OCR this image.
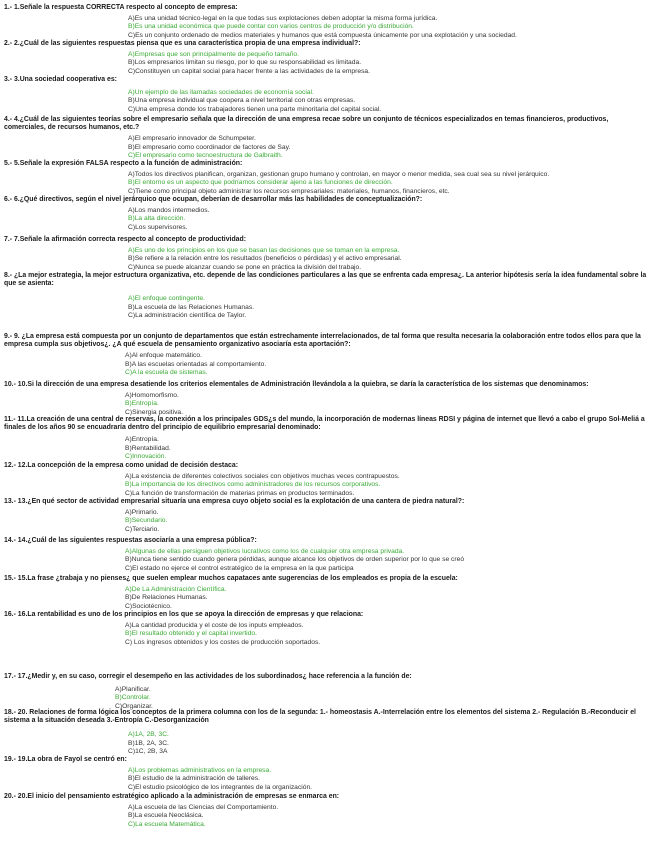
1.- 1.Señale la respuesta CORRECTA respecto al concepto de empresa:
A)Es una unidad técnico-legal en la que todas sus explotaciones deben adoptar la misma forma jurídica.
B)Es una unidad económica que puede contar con varios centros de producción y/o distribución.
C)Es un conjunto ordenado de medios materiales y humanos que está compuesta únicamente por una explotación y una sociedad.
2.- 2.¿Cuál de las siguientes respuestas piensa que es una característica propia de una empresa individual?:
A)Empresas que son principalmente de pequeño tamaño.
B)Los empresarios limitan su riesgo, por lo que su responsabilidad es limitada.
C)Constituyen un capital social para hacer frente a las actividades de la empresa.
3.- 3.Una sociedad cooperativa es:
A)Un ejemplo de las llamadas sociedades de economía social.
B)Una empresa individual que coopera a nivel territorial con otras empresas.
C)Una empresa donde los trabajadores tienen una parte minoritaria del capital social.
4.- 4.¿Cuál de las siguientes teorías sobre el empresario señala que la dirección de una empresa recae sobre un conjunto de técnicos especializados en temas financieros, productivos, comerciales, de recursos humanos, etc.?
A)El empresario innovador de Schumpeter.
B)El empresario como coordinador de factores de Say.
C)El empresario como tecnoestructura de Galbraith.
5.- 5.Señale la expresión FALSA respecto a la función de administración:
A)Todos los directivos planifican, organizan, gestionan grupo humano y controlan, en mayor o menor medida, sea cual sea su nivel jerárquico.
B)El entorno es un aspecto que podríamos considerar ajeno a las funciones de dirección.
C)Tiene como principal objeto administrar los recursos empresariales: materiales, humanos, financieros, etc.
6.- 6.¿Qué directivos, según el nivel jerárquico que ocupan, deberían de desarrollar más las habilidades de conceptualización?:
A)Los mandos intermedios.
B)La alta dirección.
C)Los supervisores.
7.- 7.Señale la afirmación correcta respecto al concepto de productividad:
A)Es uno de los principios en los que se basan las decisiones que se toman en la empresa.
B)Se refiere a la relación entre los resultados (beneficios o pérdidas) y el activo empresarial.
C)Nunca se puede alcanzar cuando se pone en práctica la división del trabajo.
8.- ¿La mejor estrategia, la mejor estructura organizativa, etc. depende de las condiciones particulares a las que se enfrenta cada empresa¿. La anterior hipótesis sería la idea fundamental sobre la que se asienta:
A)El enfoque contingente.
B)La escuela de las Relaciones Humanas.
C)La administración científica de Taylor.
9.- 9. ¿La empresa está compuesta por un conjunto de departamentos que están estrechamente interrelacionados, de tal forma que resulta necesaria la colaboración entre todos ellos para que la empresa cumpla sus objetivos¿. ¿A qué escuela de pensamiento organizativo asociaría esta aportación?:
A)Al enfoque matemático.
B)A las escuelas orientadas al comportamiento.
C)A la escuela de sistemas.
10.- 10.Si la dirección de una empresa desatiende los criterios elementales de Administración llevándola a la quiebra, se daría la característica de los sistemas que denominamos:
A)Homomorfismo.
B)Entropía.
C)Sinergia positiva.
11.- 11.La creación de una central de reservas, la conexión a los principales GDS¿s del mundo, la incorporación de modernas líneas RDSI y página de internet que llevó a cabo el grupo Sol-Meliá a finales de los años 90 se encuadraría dentro del principio de equilibrio empresarial denominado:
A)Entropía.
B)Rentabilidad.
C)Innovación.
12.- 12.La concepción de la empresa como unidad de decisión destaca:
A)La existencia de diferentes colectivos sociales con objetivos muchas veces contrapuestos.
B)La importancia de los directivos como administradores de los recursos corporativos.
C)La función de transformación de materias primas en productos terminados.
13.- 13.¿En qué sector de actividad empresarial situaría una empresa cuyo objeto social es la explotación de una cantera de piedra natural?:
A)Primario.
B)Secundario.
C)Terciario.
14.- 14.¿Cuál de las siguientes respuestas asociaría a una empresa pública?:
A)Algunas de ellas persiguen objetivos lucrativos como los de cualquier otra empresa privada.
B)Nunca tiene sentido cuando genera pérdidas, aunque alcance los objetivos de orden superior por lo que se creó
C)El estado no ejerce el control estratégico de la empresa en la que participa
15.- 15.La frase ¿trabaja y no pienses¿ que suelen emplear muchos capataces ante sugerencias de los empleados es propia de la escuela:
A)De La Administración Científica.
B)De Relaciones Humanas.
C)Sociotécnico.
16.- 16.La rentabilidad es uno de los principios en los que se apoya la dirección de empresas y que relaciona:
A)La cantidad producida y el coste de los inputs empleados.
B)El resultado obtenido y el capital invertido.
C) Los ingresos obtenidos y los costes de producción soportados.
17.- 17.¿Medir y, en su caso, corregir el desempeño en las actividades de los subordinados¿ hace referencia a la función de:
A)Planificar.
B)Controlar.
C)Organizar.
18.- 20. Relaciones de forma lógica los conceptos de la primera columna con los de la segunda: 1.- homeostasis A.-Interrelación entre los elementos del sistema 2.- Regulación B.-Reconducir el sistema a la situación deseada 3.-Entropía C.-Desorganización
A)1A, 2B, 3C.
B)1B, 2A, 3C.
C)1C, 2B, 3A
19.- 19.La obra de Fayol se centró en:
A)Los problemas administrativos en la empresa.
B)El estudio de la administración de talleres.
C)El estudio psicológico de los integrantes de la organización.
20.- 20.El inicio del pensamiento estratégico aplicado a la administración de empresas se enmarca en:
A)La escuela de las Ciencias del Comportamiento.
B)La escuela Neoclásica.
C)La escuela Matemática.
